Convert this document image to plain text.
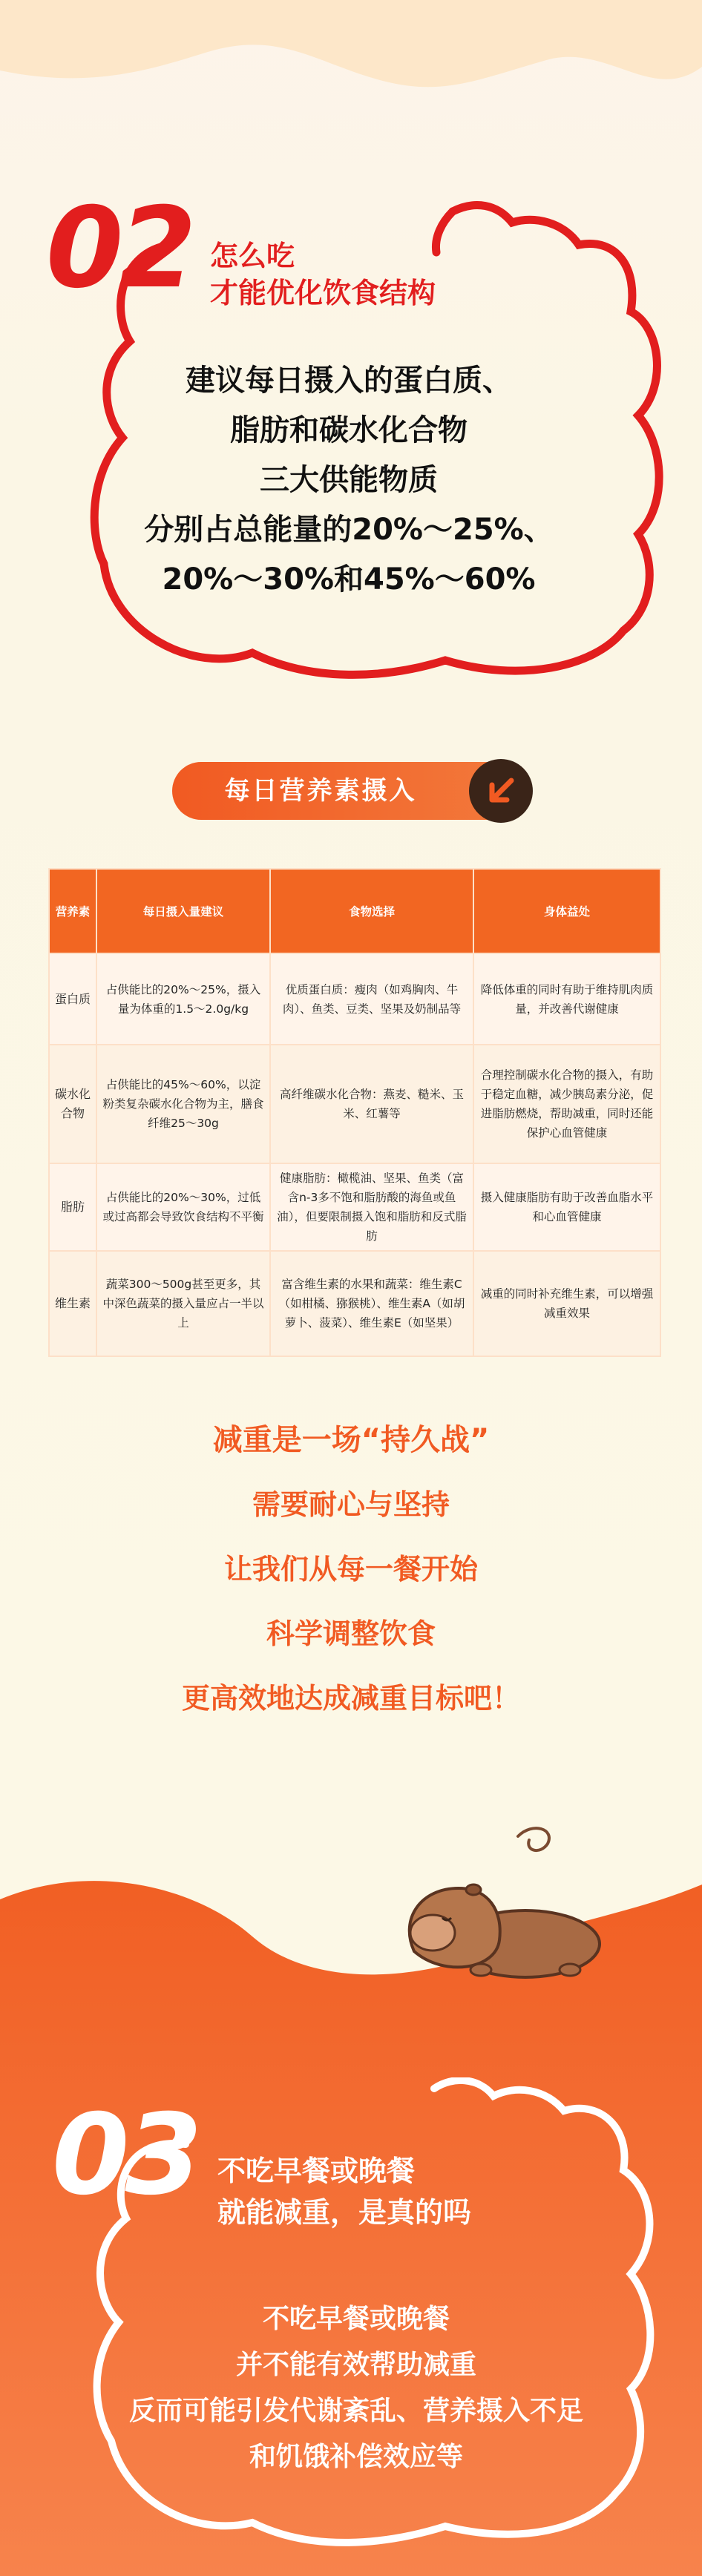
02 怎么吃
才能优化饮食结构
建议每日摄入的蛋白质、
脂肪和碳水化合物
三大供能物质
分别占总能量的20%～25%、
20%～30%和45%～60%
每日营养素摄入
营养素	每日摄入量建议	食物选择	身体益处
蛋白质	占供能比的20%～25%，摄入量为体重的1.5～2.0g/kg	优质蛋白质：瘦肉（如鸡胸肉、牛肉）、鱼类、豆类、坚果及奶制品等	降低体重的同时有助于维持肌肉质量，并改善代谢健康
碳水化合物	占供能比的45%～60%，以淀粉类复杂碳水化合物为主，膳食纤维25～30g	高纤维碳水化合物：燕麦、糙米、玉米、红薯等	合理控制碳水化合物的摄入，有助于稳定血糖，减少胰岛素分泌，促进脂肪燃烧，帮助减重，同时还能保护心血管健康
脂肪	占供能比的20%～30%，过低或过高都会导致饮食结构不平衡	健康脂肪：橄榄油、坚果、鱼类（富含n-3多不饱和脂肪酸的海鱼或鱼油），但要限制摄入饱和脂肪和反式脂肪	摄入健康脂肪有助于改善血脂水平和心血管健康
维生素	蔬菜300～500g甚至更多，其中深色蔬菜的摄入量应占一半以上	富含维生素的水果和蔬菜：维生素C（如柑橘、猕猴桃）、维生素A（如胡萝卜、菠菜）、维生素E（如坚果）	减重的同时补充维生素，可以增强减重效果
减重是一场“持久战”
需要耐心与坚持
让我们从每一餐开始
科学调整饮食
更高效地达成减重目标吧！
03 不吃早餐或晚餐
就能减重，是真的吗
不吃早餐或晚餐
并不能有效帮助减重
反而可能引发代谢紊乱、营养摄入不足
和饥饿补偿效应等
